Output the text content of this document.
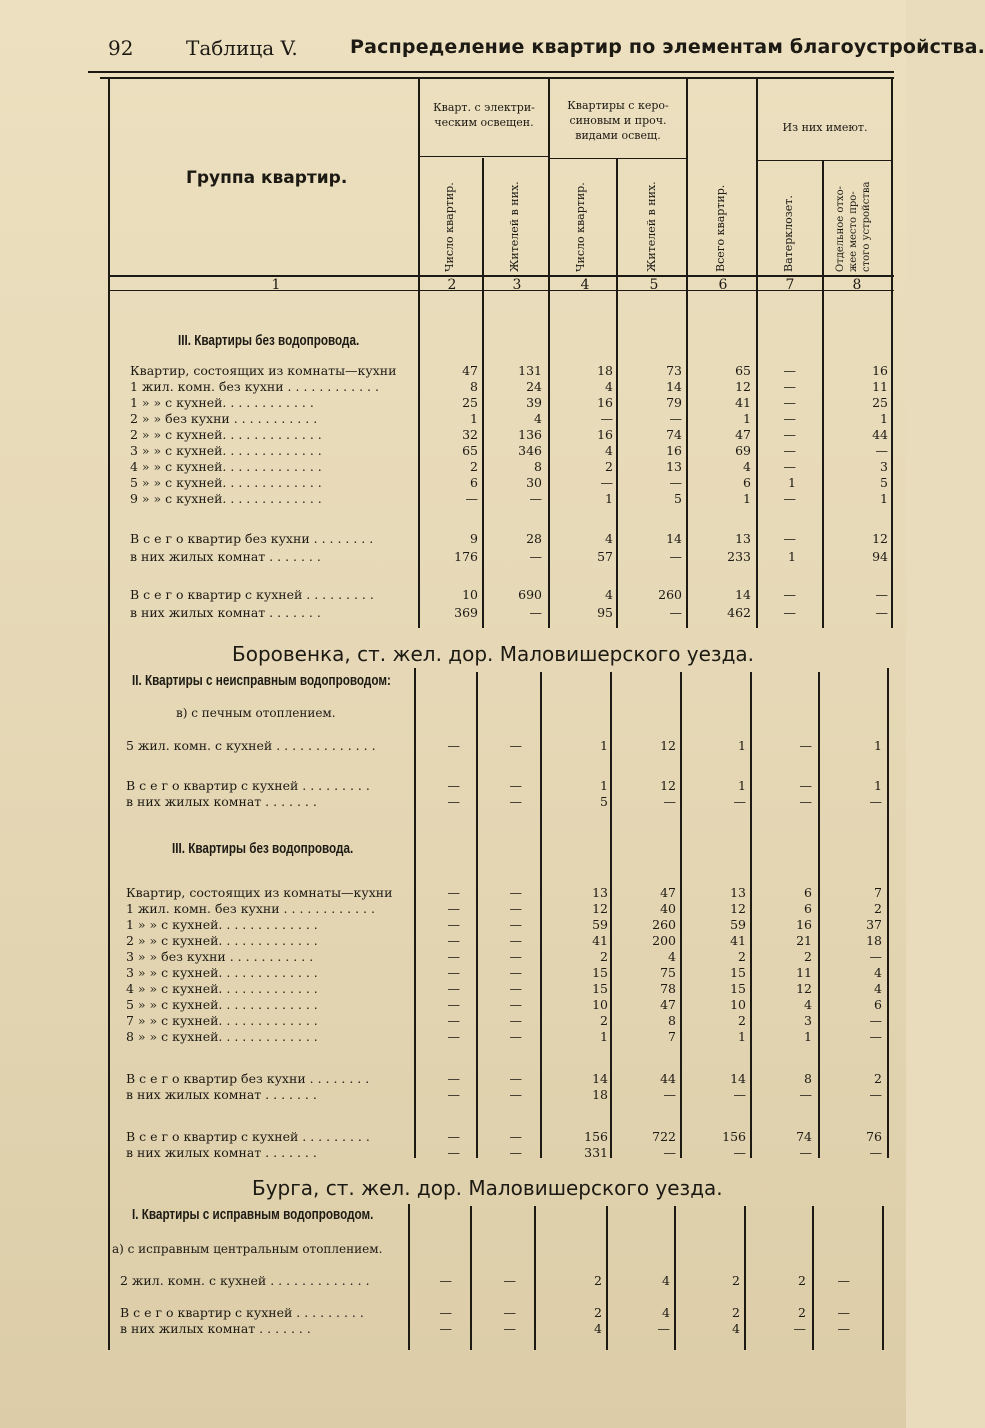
92	Таблица V.	Распределение квартир по элементам благоустройства.
Группа квартир.
Кварт. с электри-
ческим освещен.
Квартиры с керо-
синовым и проч.
видами освещ.
Из них имеют.
Число квартир.	Жителей в них.	Число квартир.	Жителей в них.	Всего квартир.	Ватерклозет.	Отдельное отхо-
жее место про-
стого устройства
1	2	3	4	5	6	7	8
III. Квартиры без водопровода.
Квартир, состоящих из комнаты—кухни	47	131	18	73	65	—	16
1 жил. комн. без кухни . . . . . . . . . . . .	8	24	4	14	12	—	11
1 » » с кухней. . . . . . . . . . . .	25	39	16	79	41	—	25
2 » » без кухни . . . . . . . . . . .	1	4	—	—	1	—	1
2 » » с кухней. . . . . . . . . . . . .	32	136	16	74	47	—	44
3 » » с кухней. . . . . . . . . . . . .	65	346	4	16	69	—	—
4 » » с кухней. . . . . . . . . . . . .	2	8	2	13	4	—	3
5 » » с кухней. . . . . . . . . . . . .	6	30	—	—	6	1	5
9 » » с кухней. . . . . . . . . . . . .	—	—	1	5	1	—	1
В с е г о квартир без кухни . . . . . . . .	9	28	4	14	13	—	12
в них жилых комнат . . . . . . .	176	—	57	—	233	1	94
В с е г о квартир с кухней . . . . . . . . .	10	690	4	260	14	—	—
в них жилых комнат . . . . . . .	369	—	95	—	462	—	—
Боровенка, ст. жел. дор. Маловишерского уезда.
II. Квартиры с неисправным водопроводом:
в) с печным отоплением.
5 жил. комн. с кухней . . . . . . . . . . . . .	—	—	1	12	1	—	1
В с е г о квартир с кухней . . . . . . . . .	—	—	1	12	1	—	1
в них жилых комнат . . . . . . .	—	—	5	—	—	—	—
III. Квартиры без водопровода.
Квартир, состоящих из комнаты—кухни	—	—	13	47	13	6	7
1 жил. комн. без кухни . . . . . . . . . . . .	—	—	12	40	12	6	2
1 » » с кухней. . . . . . . . . . . . .	—	—	59	260	59	16	37
2 » » с кухней. . . . . . . . . . . . .	—	—	41	200	41	21	18
3 » » без кухни . . . . . . . . . . .	—	—	2	4	2	2	—
3 » » с кухней. . . . . . . . . . . . .	—	—	15	75	15	11	4
4 » » с кухней. . . . . . . . . . . . .	—	—	15	78	15	12	4
5 » » с кухней. . . . . . . . . . . . .	—	—	10	47	10	4	6
7 » » с кухней. . . . . . . . . . . . .	—	—	2	8	2	3	—
8 » » с кухней. . . . . . . . . . . . .	—	—	1	7	1	1	—
В с е г о квартир без кухни . . . . . . . .	—	—	14	44	14	8	2
в них жилых комнат . . . . . . .	—	—	18	—	—	—	—
В с е г о квартир с кухней . . . . . . . . .	—	—	156	722	156	74	76
в них жилых комнат . . . . . . .	—	—	331	—	—	—	—
Бурга, ст. жел. дор. Маловишерского уезда.
I. Квартиры с исправным водопроводом.
а) с исправным центральным отоплением.
2 жил. комн. с кухней . . . . . . . . . . . . .	—	—	2	4	2	2	—
В с е г о квартир с кухней . . . . . . . . .	—	—	2	4	2	2	—
в них жилых комнат . . . . . . .	—	—	4	—	4	—	—
